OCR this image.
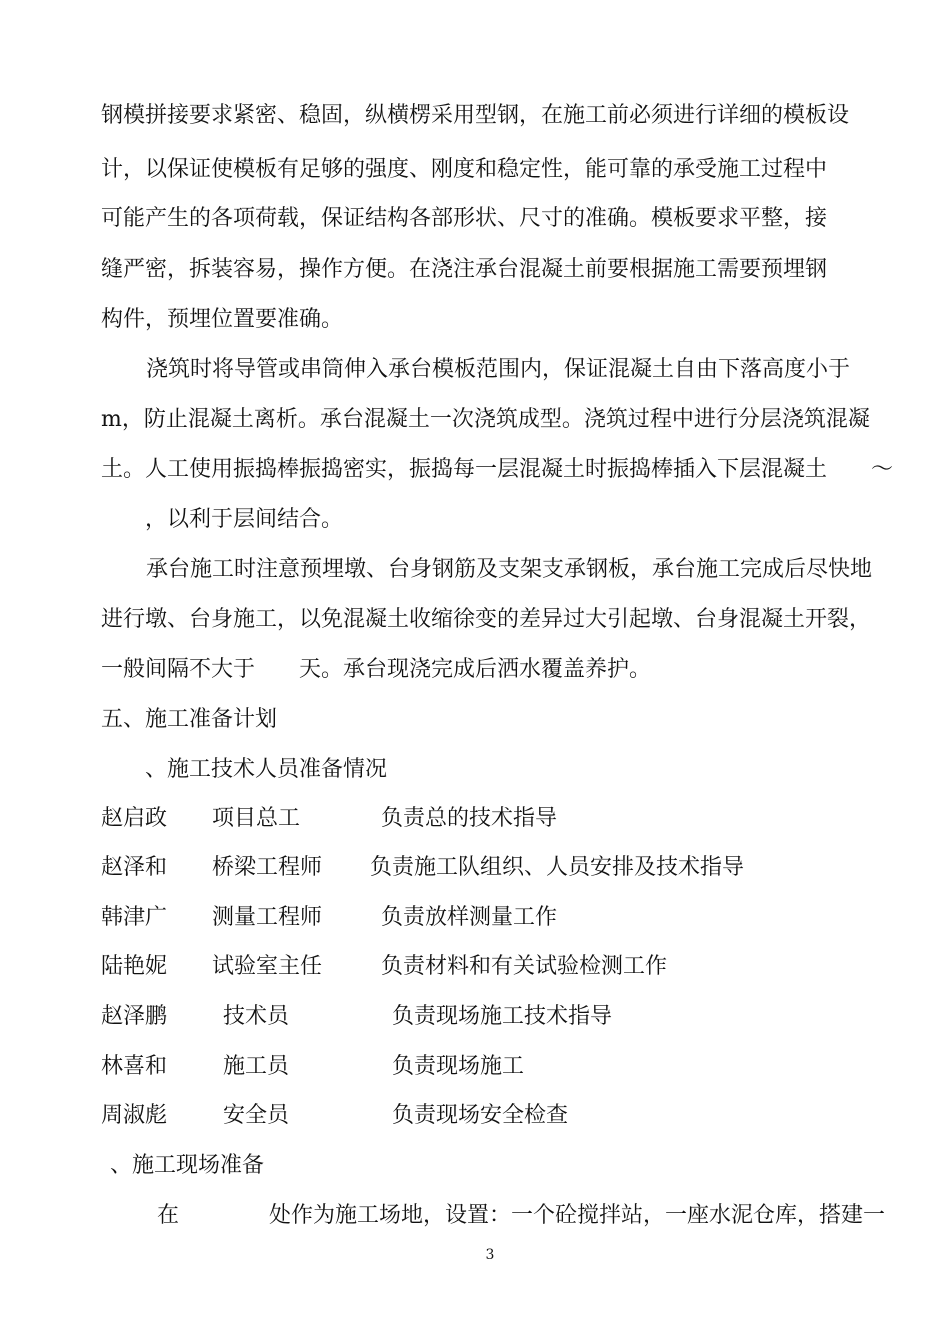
钢模拼接要求紧密、稳固，纵横楞采用型钢，在施工前必须进行详细的模板设
计，以保证使模板有足够的强度、刚度和稳定性，能可靠的承受施工过程中
可能产生的各项荷载，保证结构各部形状、尺寸的准确。模板要求平整，接
缝严密，拆装容易，操作方便。在浇注承台混凝土前要根据施工需要预埋钢
构件，预埋位置要准确。
浇筑时将导管或串筒伸入承台模板范围内，保证混凝土自由下落高度小于
m，防止混凝土离析。承台混凝土一次浇筑成型。浇筑过程中进行分层浇筑混凝
土。人工使用振捣棒振捣密实，振捣每一层混凝土时振捣棒插入下层混凝土　　～
　　，以利于层间结合。
承台施工时注意预埋墩、台身钢筋及支架支承钢板，承台施工完成后尽快地
进行墩、台身施工，以免混凝土收缩徐变的差异过大引起墩、台身混凝土开裂，
一般间隔不大于　　天。承台现浇完成后洒水覆盖养护。
五、施工准备计划
　　、施工技术人员准备情况
赵启政 项目总工	负责总的技术指导
赵泽和 桥梁工程师 负责施工队组织、人员安排及技术指导
韩津广 测量工程师	负责放样测量工作
陆艳妮 试验室主任	负责材料和有关试验检测工作
赵泽鹏	技术员	负责现场施工技术指导
林喜和	施工员	负责现场施工
周淑彪	安全员	负责现场安全检查
、施工现场准备
在	处作为施工场地，设置：一个砼搅拌站，一座水泥仓库，搭建一
3
